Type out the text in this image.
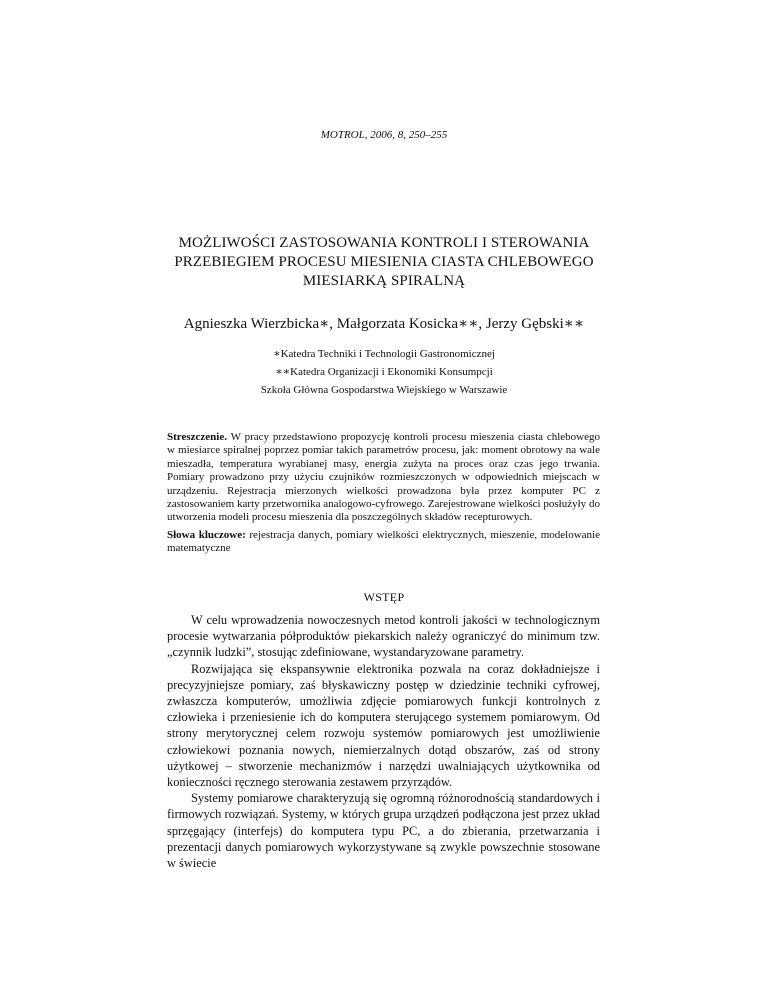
MOTROL, 2006, 8, 250–255
MOŻLIWOŚCI ZASTOSOWANIA KONTROLI I STEROWANIA
PRZEBIEGIEM PROCESU MIESIENIA CIASTA CHLEBOWEGO
MIESIARKĄ SPIRALNĄ
Agnieszka Wierzbicka∗, Małgorzata Kosicka∗∗, Jerzy Gębski∗∗
∗Katedra Techniki i Technologii Gastronomicznej
∗∗Katedra Organizacji i Ekonomiki Konsumpcji
Szkoła Główna Gospodarstwa Wiejskiego w Warszawie
Streszczenie. W pracy przedstawiono propozycję kontroli procesu mieszenia ciasta chlebowego w miesiarce spiralnej poprzez pomiar takich parametrów procesu, jak: moment obrotowy na wale mieszadła, temperatura wyrabianej masy, energia zużyta na proces oraz czas jego trwania. Pomiary prowadzono przy użyciu czujników rozmieszczonych w odpowiednich miejscach w urządzeniu. Rejestracja mierzonych wielkości prowadzona była przez komputer PC z zastosowaniem karty przetwornika analogowo-cyfrowego. Zarejestrowane wielkości posłużyły do utworzenia modeli procesu mieszenia dla poszczególnych składów recepturowych.
Słowa kluczowe: rejestracja danych, pomiary wielkości elektrycznych, mieszenie, modelowanie matematyczne
WSTĘP

W celu wprowadzenia nowoczesnych metod kontroli jakości w technologicznym procesie wytwarzania półproduktów piekarskich należy ograniczyć do minimum tzw. „czynnik ludzki”, stosując zdefiniowane, wystandaryzowane parametry.

Rozwijająca się ekspansywnie elektronika pozwala na coraz dokładniejsze i precyzyjniejsze pomiary, zaś błyskawiczny postęp w dziedzinie techniki cyfrowej, zwłaszcza komputerów, umożliwia zdjęcie pomiarowych funkcji kontrolnych z człowieka i przeniesienie ich do komputera sterującego systemem pomiarowym. Od strony merytorycznej celem rozwoju systemów pomiarowych jest umożliwienie człowiekowi poznania nowych, niemierzalnych dotąd obszarów, zaś od strony użytkowej – stworzenie mechanizmów i narzędzi uwalniających użytkownika od konieczności ręcznego sterowania zestawem przyrządów.

Systemy pomiarowe charakteryzują się ogromną różnorodnością standardowych i firmowych rozwiązań. Systemy, w których grupa urządzeń podłączona jest przez układ sprzęgający (interfejs) do komputera typu PC, a do zbierania, przetwarzania i prezentacji danych pomiarowych wykorzystywane są zwykle powszechnie stosowane w świecie
